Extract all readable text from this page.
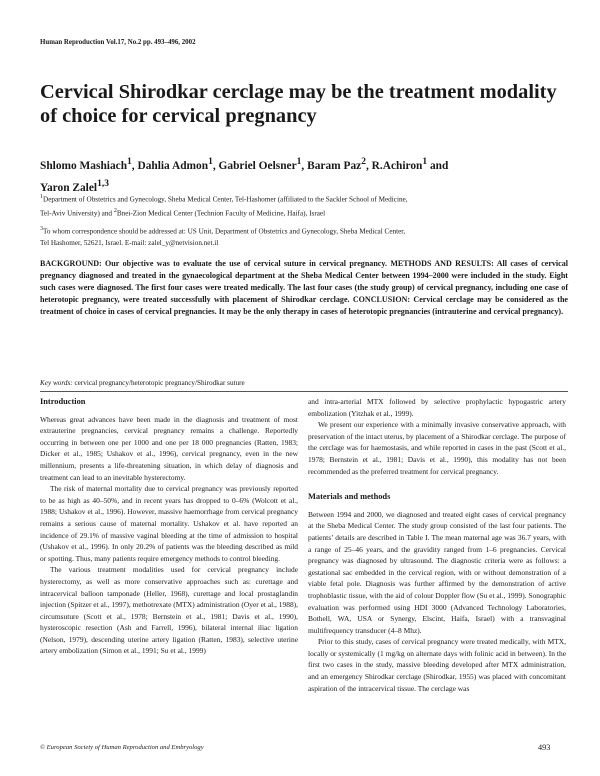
Human Reproduction Vol.17, No.2 pp. 493–496, 2002
Cervical Shirodkar cerclage may be the treatment modality of choice for cervical pregnancy
Shlomo Mashiach$^1$, Dahlia Admon$^1$, Gabriel Oelsner$^1$, Baram Paz$^2$, R.Achiron$^1$ and
Yaron Zalel$^{1,3}$
$^1$Department of Obstetrics and Gynecology, Sheba Medical Center, Tel-Hashomer (affiliated to the Sackler School of Medicine,
Tel-Aviv University) and $^2$Bnei-Zion Medical Center (Technion Faculty of Medicine, Haifa), Israel
$^3$To whom correspondence should be addressed at: US Unit, Department of Obstetrics and Gynecology, Sheba Medical Center,
Tel Hashomer, 52621, Israel. E-mail: zalel_y@netvision.net.il
BACKGROUND: Our objective was to evaluate the use of cervical suture in cervical pregnancy. METHODS AND RESULTS: All cases of cervical pregnancy diagnosed and treated in the gynaecological department at the Sheba Medical Center between 1994–2000 were included in the study. Eight such cases were diagnosed. The first four cases were treated medically. The last four cases (the study group) of cervical pregnancy, including one case of heterotopic pregnancy, were treated successfully with placement of Shirodkar cerclage. CONCLUSION: Cervical cerclage may be considered as the treatment of choice in cases of cervical pregnancies. It may be the only therapy in cases of heterotopic pregnancies (intrauterine and cervical pregnancy).
Key words: cervical pregnancy/heterotopic pregnancy/Shirodkar suture
Introduction

Whereas great advances have been made in the diagnosis and treatment of most extrauterine pregnancies, cervical pregnancy remains a challenge. Reportedly occurring in between one per 1000 and one per 18 000 pregnancies (Ratten, 1983; Dicker et al., 1985; Ushakov et al., 1996), cervical pregnancy, even in the new millennium, presents a life-threatening situation, in which delay of diagnosis and treatment can lead to an inevitable hysterectomy.

The risk of maternal mortality due to cervical pregnancy was previously reported to be as high as 40–50%, and in recent years has dropped to 0–6% (Wolcott et al., 1988; Ushakov et al., 1996). However, massive haemorrhage from cervical pregnancy remains a serious cause of maternal mortality. Ushakov et al. have reported an incidence of 29.1% of massive vaginal bleeding at the time of admission to hospital (Ushakov et al., 1996). In only 20.2% of patients was the bleeding described as mild or spotting. Thus, many patients require emergency methods to control bleeding.

The various treatment modalities used for cervical pregnancy include hysterectomy, as well as more conservative approaches such as: curettage and intracervical balloon tamponade (Heller, 1968), curettage and local prostaglandin injection (Spitzer et al., 1997), methotrexate (MTX) administration (Oyer et al., 1988), circumsuture (Scott et al., 1978; Bernstein et al., 1981; Davis et al., 1990), hysteroscopic resection (Ash and Farrell, 1996), bilateral internal iliac ligation (Nelson, 1979), descending uterine artery ligation (Ratten, 1983), selective uterine artery embolization (Simon et al., 1991; Su et al., 1999)

and intra-arterial MTX followed by selective prophylactic hypogastric artery embolization (Yitzhak et al., 1999).

We present our experience with a minimally invasive conservative approach, with preservation of the intact uterus, by placement of a Shirodkar cerclage. The purpose of the cerclage was for haemostasis, and while reported in cases in the past (Scott et al., 1978; Bernstein et al., 1981; Davis et al., 1990), this modality has not been recommended as the preferred treatment for cervical pregnancy.

Materials and methods

Between 1994 and 2000, we diagnosed and treated eight cases of cervical pregnancy at the Sheba Medical Center. The study group consisted of the last four patients. The patients’ details are described in Table I. The mean maternal age was 36.7 years, with a range of 25–46 years, and the gravidity ranged from 1–6 pregnancies. Cervical pregnancy was diagnosed by ultrasound. The diagnostic criteria were as follows: a gestational sac embedded in the cervical region, with or without demonstration of a viable fetal pole. Diagnosis was further affirmed by the demonstration of active trophoblastic tissue, with the aid of colour Doppler flow (Su et al., 1999). Sonographic evaluation was performed using HDI 3000 (Advanced Technology Laboratories, Bothell, WA, USA or Synergy, Elscint, Haifa, Israel) with a transvaginal multifrequency transducer (4–8 Mhz).

Prior to this study, cases of cervical pregnancy were treated medically, with MTX, locally or systemically (1 mg/kg on alternate days with folinic acid in between). In the first two cases in the study, massive bleeding developed after MTX administration, and an emergency Shirodkar cerclage (Shirodkar, 1955) was placed with concomitant aspiration of the intracervical tissue. The cerclage was

© European Society of Human Reproduction and Embryology	493
